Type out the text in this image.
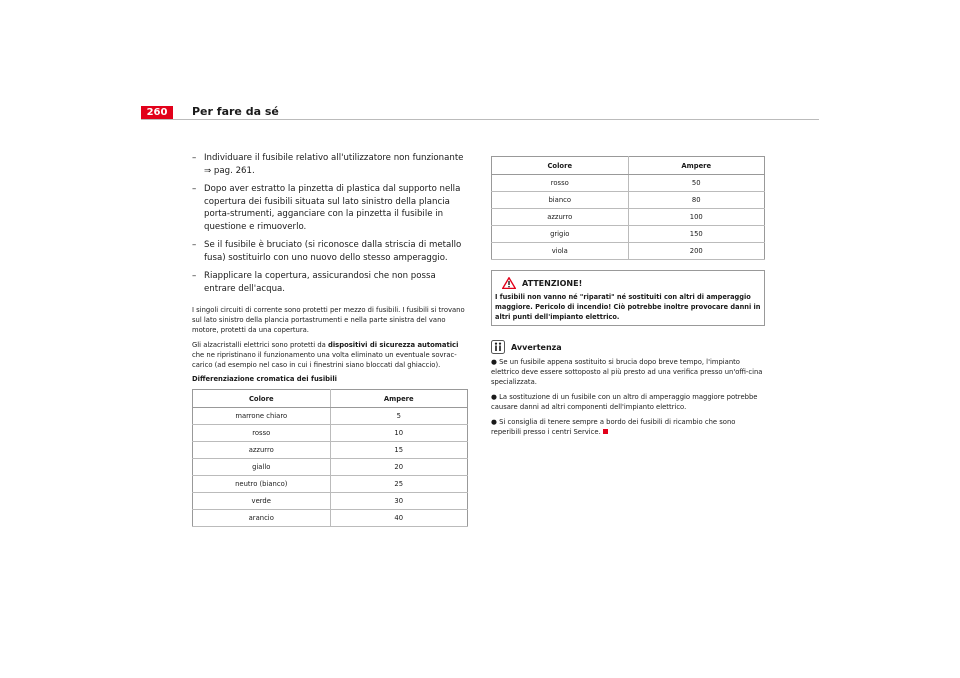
260	Per fare da sé
– Individuare il fusibile relativo all'utilizzatore non funzionante ⇒ pag. 261.
– Dopo aver estratto la pinzetta di plastica dal supporto nella copertura dei fusibili situata sul lato sinistro della plancia porta-strumenti, agganciare con la pinzetta il fusibile in questione e rimuoverlo.
– Se il fusibile è bruciato (si riconosce dalla striscia di metallo fusa) sostituirlo con uno nuovo dello stesso amperaggio.
– Riapplicare la copertura, assicurandosi che non possa entrare dell'acqua.

I singoli circuiti di corrente sono protetti per mezzo di fusibili. I fusibili si trovano sul lato sinistro della plancia portastrumenti e nella parte sinistra del vano motore, protetti da una copertura.

Gli alzacristalli elettrici sono protetti da dispositivi di sicurezza automatici che ne ripristinano il funzionamento una volta eliminato un eventuale sovrac-carico (ad esempio nel caso in cui i finestrini siano bloccati dal ghiaccio).

Differenziazione cromatica dei fusibili
Colore	Ampere
marrone chiaro	5
rosso	10
azzurro	15
giallo	20
neutro (bianco)	25
verde	30
arancio	40
Colore	Ampere
rosso	50
bianco	80
azzurro	100
grigio	150
viola	200
ATTENZIONE!
I fusibili non vanno né "riparati" né sostituiti con altri di amperaggio maggiore. Pericolo di incendio! Ciò potrebbe inoltre provocare danni in altri punti dell'impianto elettrico.
Avvertenza
● Se un fusibile appena sostituito si brucia dopo breve tempo, l'impianto elettrico deve essere sottoposto al più presto ad una verifica presso un'offi-cina specializzata.
● La sostituzione di un fusibile con un altro di amperaggio maggiore potrebbe causare danni ad altri componenti dell'impianto elettrico.
● Si consiglia di tenere sempre a bordo dei fusibili di ricambio che sono reperibili presso i centri Service.
